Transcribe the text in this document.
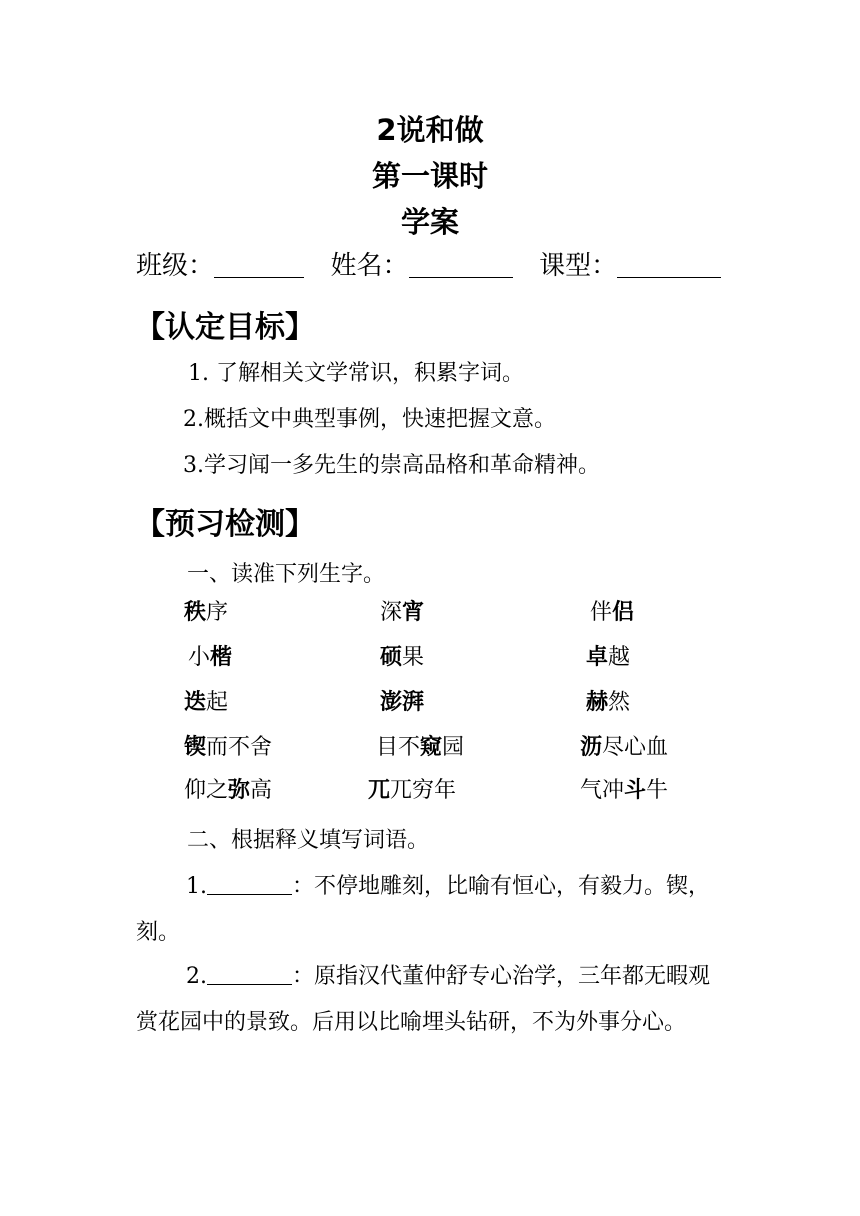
2说和做
第一课时
学案
班级：	姓名：	课型：
【认定目标】
1. 了解相关文学常识，积累字词。
2.概括文中典型事例，快速把握文意。
3.学习闻一多先生的崇高品格和革命精神。
【预习检测】
一、读准下列生字。
秩序	深宵	伴侣
小楷	硕果	卓越
迭起	澎湃	赫然
锲而不舍	目不窥园	沥尽心血
仰之弥高	兀兀穷年	气冲斗牛
二、根据释义填写词语。
1.	：不停地雕刻，比喻有恒心，有毅力。锲，刻。
2.	：原指汉代董仲舒专心治学，三年都无暇观赏花园中的景致。后用以比喻埋头钻研，不为外事分心。
